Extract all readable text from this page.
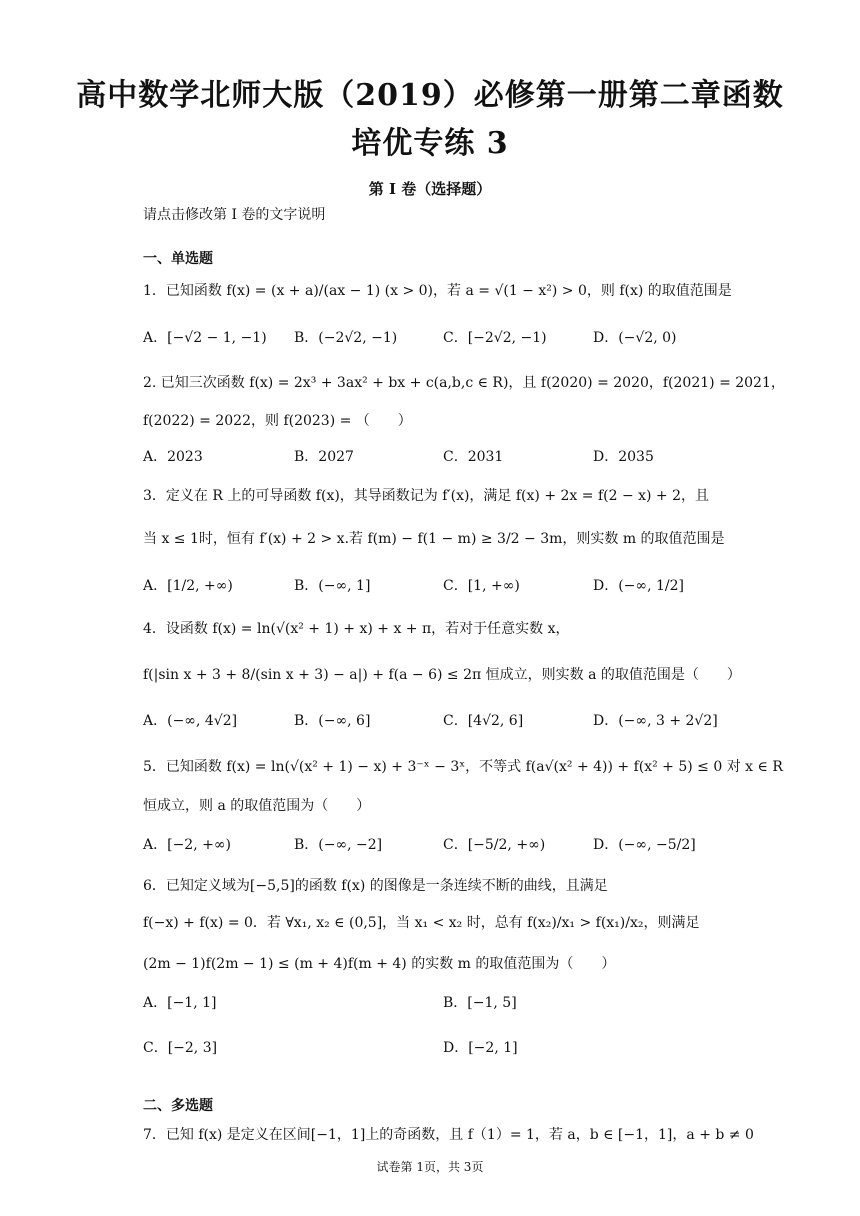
高中数学北师大版（2019）必修第一册第二章函数
培优专练 3
第 I 卷（选择题）
请点击修改第 I 卷的文字说明
一、单选题
1．已知函数 f(x) = (x + a)/(ax − 1) (x > 0)，若 a = √(1 − x²) > 0，则 f(x) 的取值范围是
A．[−√2 − 1, −1) B．(−2√2, −1)	C．[−2√2, −1)	D．(−√2, 0)
2. 已知三次函数 f(x) = 2x³ + 3ax² + bx + c(a,b,c ∈ R)，且 f(2020) = 2020，f(2021) = 2021，
f(2022) = 2022，则 f(2023) = （　　）
A．2023	B．2027	C．2031	D．2035
3．定义在 R 上的可导函数 f(x)，其导函数记为 f′(x)，满足 f(x) + 2x = f(2 − x) + 2，且
当 x ≤ 1时，恒有 f′(x) + 2 > x.若 f(m) − f(1 − m) ≥ 3/2 − 3m，则实数 m 的取值范围是
A．[1/2, +∞)	B．(−∞, 1]	C．[1, +∞)	D．(−∞, 1/2]
4．设函数 f(x) = ln(√(x² + 1) + x) + x + π，若对于任意实数 x，
f(|sin x + 3 + 8/(sin x + 3) − a|) + f(a − 6) ≤ 2π 恒成立，则实数 a 的取值范围是（　　）
A．(−∞, 4√2]	B．(−∞, 6]	C．[4√2, 6]	D．(−∞, 3 + 2√2]
5．已知函数 f(x) = ln(√(x² + 1) − x) + 3⁻ˣ − 3ˣ，不等式 f(a√(x² + 4)) + f(x² + 5) ≤ 0 对 x ∈ R
恒成立，则 a 的取值范围为（　　）
A．[−2, +∞)	B．(−∞, −2]	C．[−5/2, +∞)	D．(−∞, −5/2]
6．已知定义域为[−5,5]的函数 f(x) 的图像是一条连续不断的曲线，且满足
f(−x) + f(x) = 0．若 ∀x₁, x₂ ∈ (0,5]，当 x₁ < x₂ 时，总有 f(x₂)/x₁ > f(x₁)/x₂，则满足
(2m − 1)f(2m − 1) ≤ (m + 4)f(m + 4) 的实数 m 的取值范围为（　　）
A．[−1, 1]	B．[−1, 5]
C．[−2, 3]	D．[−2, 1]
二、多选题
7．已知 f(x) 是定义在区间[−1，1]上的奇函数，且 f（1）= 1，若 a，b ∈ [−1，1]，a + b ≠ 0
试卷第 1页，共 3页
